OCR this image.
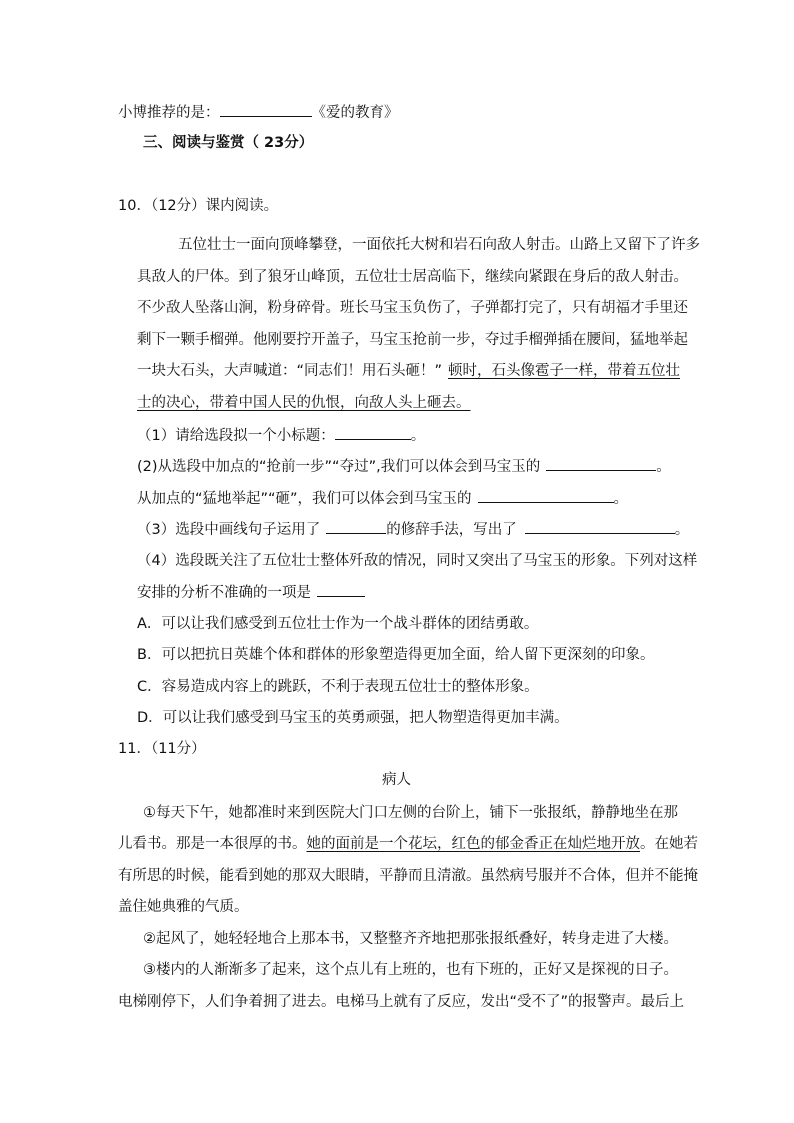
小博推荐的是：	《爱的教育》
三、阅读与鉴赏（ 23分）
10．（12分）课内阅读。
五位壮士一面向顶峰攀登，一面依托大树和岩石向敌人射击。山路上又留下了许多
具敌人的尸体。到了狼牙山峰顶，五位壮士居高临下，继续向紧跟在身后的敌人射击。
不少敌人坠落山涧，粉身碎骨。班长马宝玉负伤了，子弹都打完了，只有胡福才手里还
剩下一颗手榴弹。他刚要拧开盖子，马宝玉抢前一步，夺过手榴弹插在腰间，猛地举起
一块大石头，大声喊道：“同志们！用石头砸！” 顿时，石头像雹子一样，带着五位壮
士的决心，带着中国人民的仇恨，向敌人头上砸去。
（1）请给选段拟一个小标题：	。
(2)从选段中加点的“抢前一步”“夺过”,我们可以体会到马宝玉的	。
从加点的“猛地举起”“砸”，我们可以体会到马宝玉的	。
（3）选段中画线句子运用了	的修辞手法，写出了	。
（4）选段既关注了五位壮士整体歼敌的情况，同时又突出了马宝玉的形象。下列对这样
安排的分析不准确的一项是
A．可以让我们感受到五位壮士作为一个战斗群体的团结勇敢。
B．可以把抗日英雄个体和群体的形象塑造得更加全面，给人留下更深刻的印象。
C．容易造成内容上的跳跃，不利于表现五位壮士的整体形象。
D．可以让我们感受到马宝玉的英勇顽强，把人物塑造得更加丰满。
11．（11分）
病人
①每天下午，她都准时来到医院大门口左侧的台阶上，铺下一张报纸，静静地坐在那
儿看书。那是一本很厚的书。她的面前是一个花坛，红色的郁金香正在灿烂地开放。在她若
有所思的时候，能看到她的那双大眼睛，平静而且清澈。虽然病号服并不合体，但并不能掩
盖住她典雅的气质。
②起风了，她轻轻地合上那本书，又整整齐齐地把那张报纸叠好，转身走进了大楼。
③楼内的人渐渐多了起来，这个点儿有上班的，也有下班的，正好又是探视的日子。
电梯刚停下，人们争着拥了进去。电梯马上就有了反应，发出“受不了”的报警声。最后上
